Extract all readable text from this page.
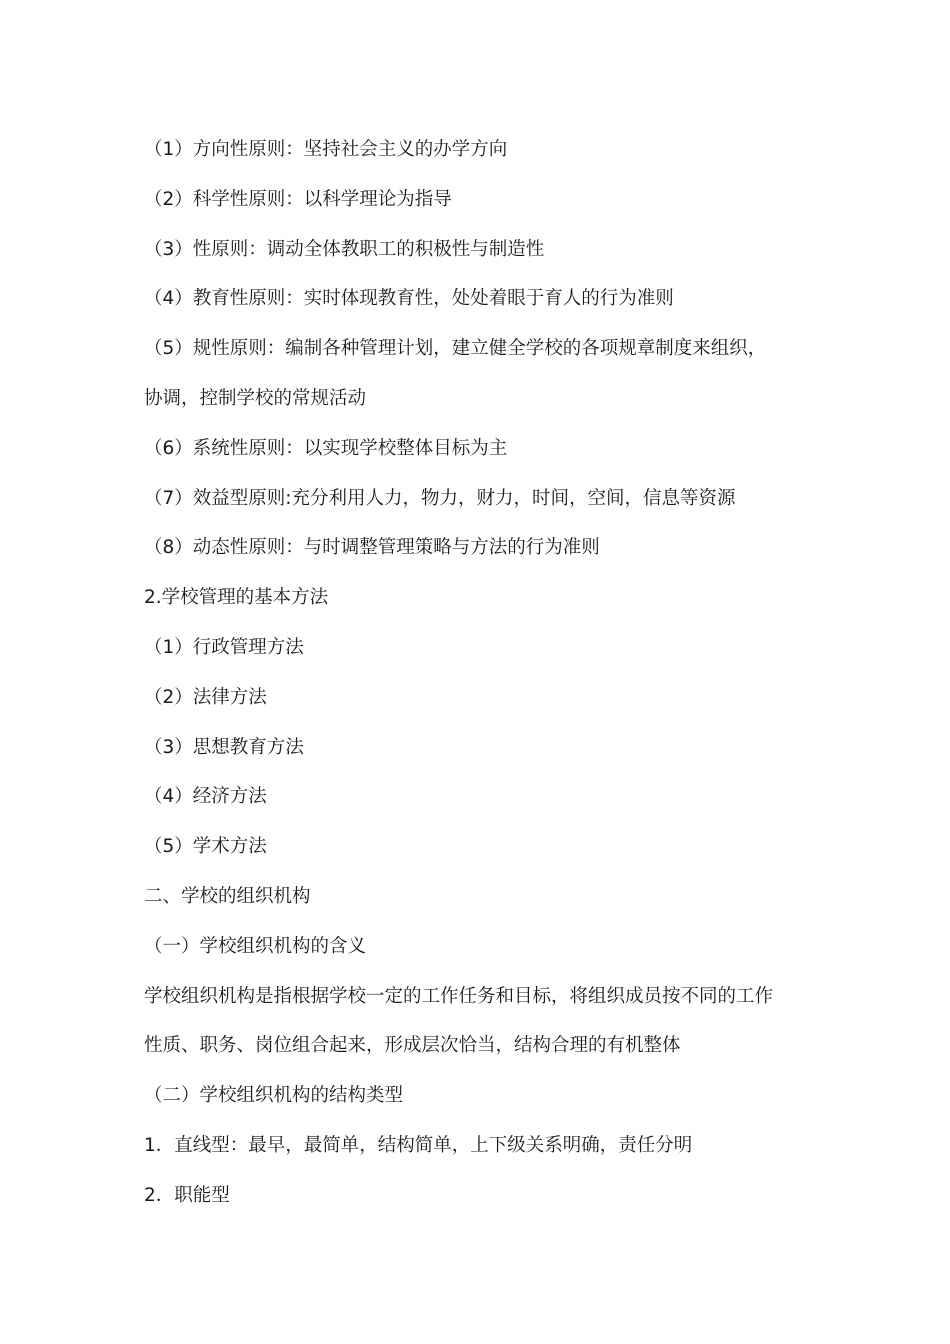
（1）方向性原则：坚持社会主义的办学方向
（2）科学性原则：以科学理论为指导
（3）性原则：调动全体教职工的积极性与制造性
（4）教育性原则：实时体现教育性，处处着眼于育人的行为准则
（5）规性原则：编制各种管理计划，建立健全学校的各项规章制度来组织，
协调，控制学校的常规活动
（6）系统性原则：以实现学校整体目标为主
（7）效益型原则:充分利用人力，物力，财力，时间，空间，信息等资源
（8）动态性原则：与时调整管理策略与方法的行为准则
2.学校管理的基本方法
（1）行政管理方法
（2）法律方法
（3）思想教育方法
（4）经济方法
（5）学术方法
二、学校的组织机构
（一）学校组织机构的含义
学校组织机构是指根据学校一定的工作任务和目标，将组织成员按不同的工作
性质、职务、岗位组合起来，形成层次恰当，结构合理的有机整体
（二）学校组织机构的结构类型
1．直线型：最早，最简单，结构简单，上下级关系明确，责任分明
2．职能型
